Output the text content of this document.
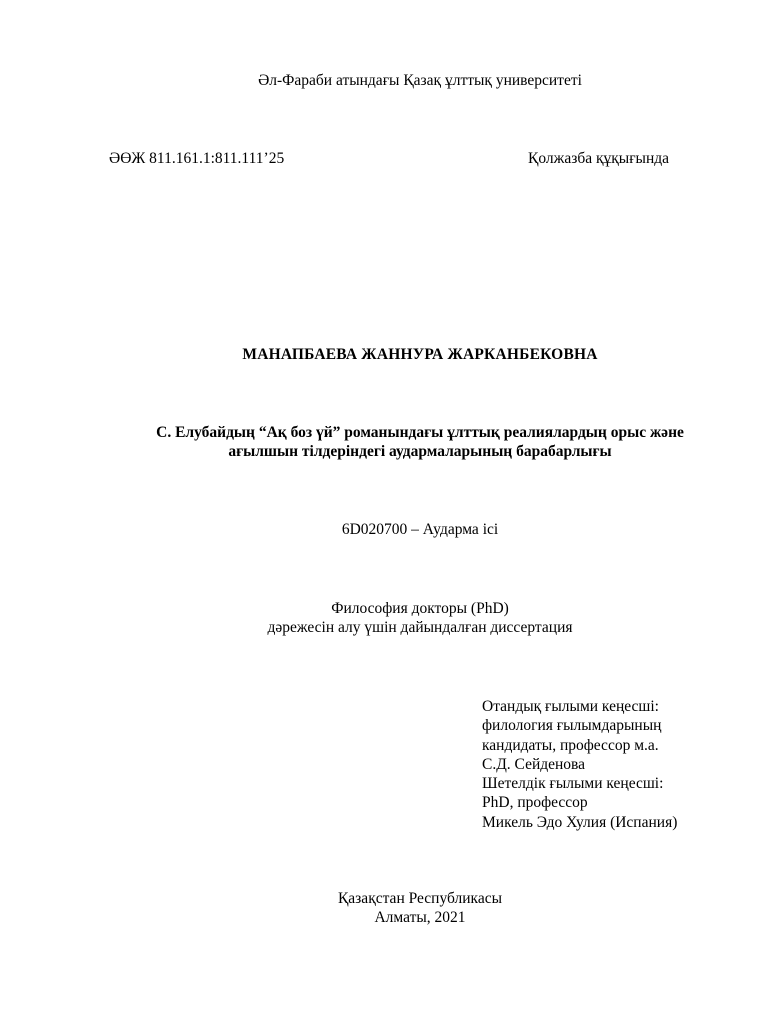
Әл-Фараби атындағы Қазақ ұлттық университеті
ӘӨЖ 811.161.1:811.111’25	Қолжазба құқығында
МАНАПБАЕВА ЖАННУРА ЖАРКАНБЕКОВНА
С. Елубайдың “Ақ боз үй” романындағы ұлттық реалиялардың орыс және
ағылшын тілдеріндегі аудармаларының барабарлығы
6D020700 – Аударма ісі
Философия докторы (PhD)
дәрежесін алу үшін дайындалған диссертация
Отандық ғылыми кеңесші:
филология ғылымдарының
кандидаты, профессор м.а.
С.Д. Сейденова
Шетелдік ғылыми кеңесші:
PhD, профессор
Микель Эдо Хулия (Испания)
Қазақстан Республикасы
Алматы, 2021
